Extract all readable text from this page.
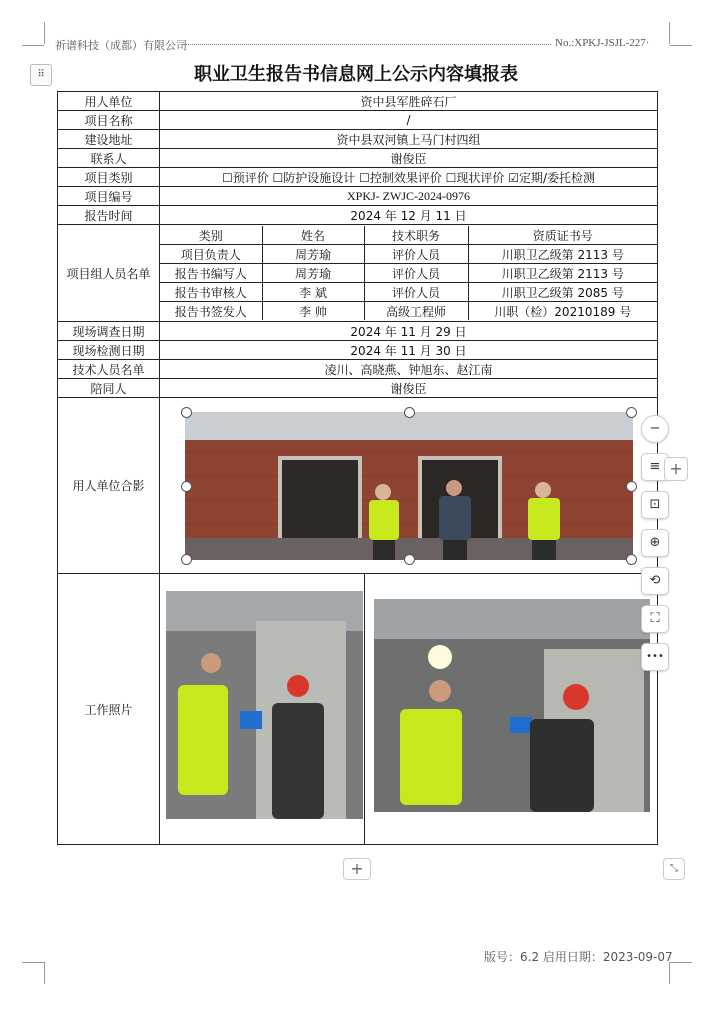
祈谱科技（成都）有限公司	No.:XPKJ-JSJL-227·
⠿	职业卫生报告书信息网上公示内容填报表
用人单位	资中县军胜碎石厂
项目名称	/
建设地址	资中县双河镇上马门村四组
联系人	谢俊臣
项目类别	☐预评价 ☐防护设施设计 ☐控制效果评价 ☐现状评价 ☑定期/委托检测
项目编号	XPKJ- ZWJC-2024-0976
报告时间	2024 年 12 月 11 日
项目组人员名单	
类别	姓名	技术职务	资质证书号
项目负责人	周芳瑜	评价人员	川职卫乙级第 2113 号
报告书编写人	周芳瑜	评价人员	川职卫乙级第 2113 号
报告书审核人	李 斌	评价人员	川职卫乙级第 2085 号
报告书签发人	李 帅	高级工程师	川职（检）20210189 号

现场调查日期	2024 年 11 月 29 日
现场检测日期	2024 年 11 月 30 日
技术人员名单	凌川、高晓燕、钟旭东、赵江南
陪同人	谢俊臣
用人单位合影	

工作照片	
−
≡
⊡
⊕
⟲
⛶
•••
+
+	⤡
版号：6.2 启用日期：2023-09-07
